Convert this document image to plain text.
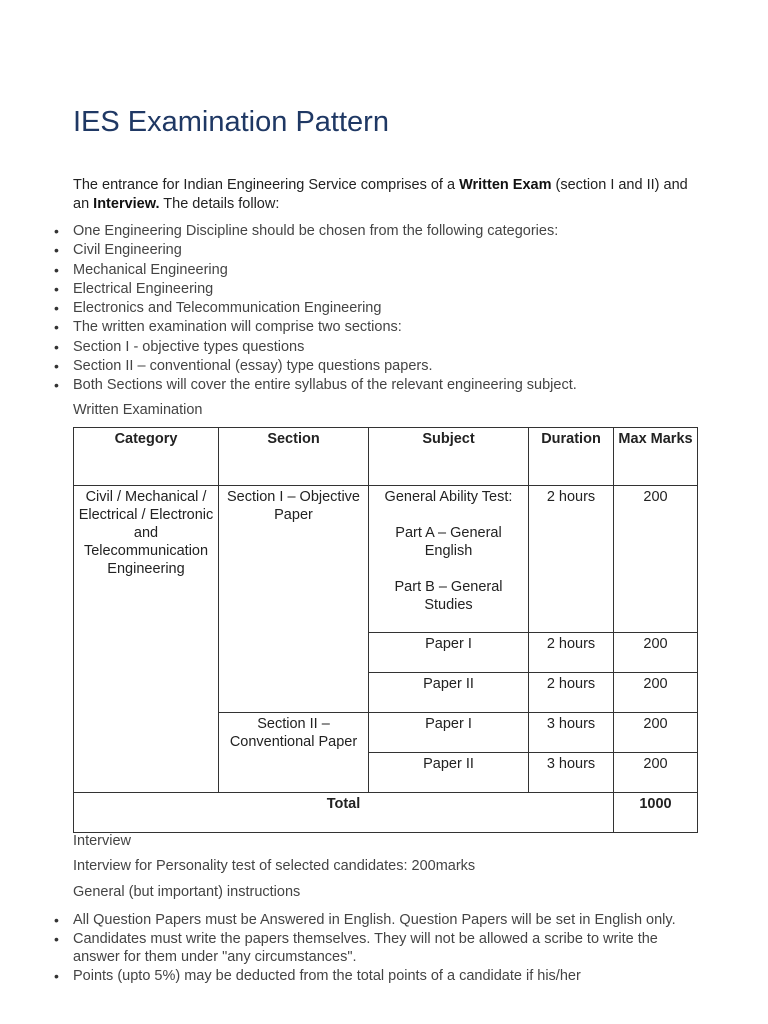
IES Examination Pattern

The entrance for Indian Engineering Service comprises of a Written Exam (section I and II) and an Interview. The details follow:

• One Engineering Discipline should be chosen from the following categories:
• Civil Engineering
• Mechanical Engineering
• Electrical Engineering
• Electronics and Telecommunication Engineering
• The written examination will comprise two sections:
• Section I - objective types questions
• Section II – conventional (essay) type questions papers.
• Both Sections will cover the entire syllabus of the relevant engineering subject.

Written Examination

Category	Section	Subject	Duration	Max Marks
Civil / Mechanical / Electrical / Electronic and Telecommunication Engineering	Section I – Objective Paper	General Ability Test:
Part A – General English
Part B – General Studies	2 hours	200
		Paper I	2 hours	200
		Paper II	2 hours	200
	Section II – Conventional Paper	Paper I	3 hours	200
		Paper II	3 hours	200
Total				1000

Interview

Interview for Personality test of selected candidates: 200marks

General (but important) instructions

• All Question Papers must be Answered in English. Question Papers will be set in English only.
• Candidates must write the papers themselves. They will not be allowed a scribe to write the answer for them under "any circumstances".
• Points (upto 5%) may be deducted from the total points of a candidate if his/her
